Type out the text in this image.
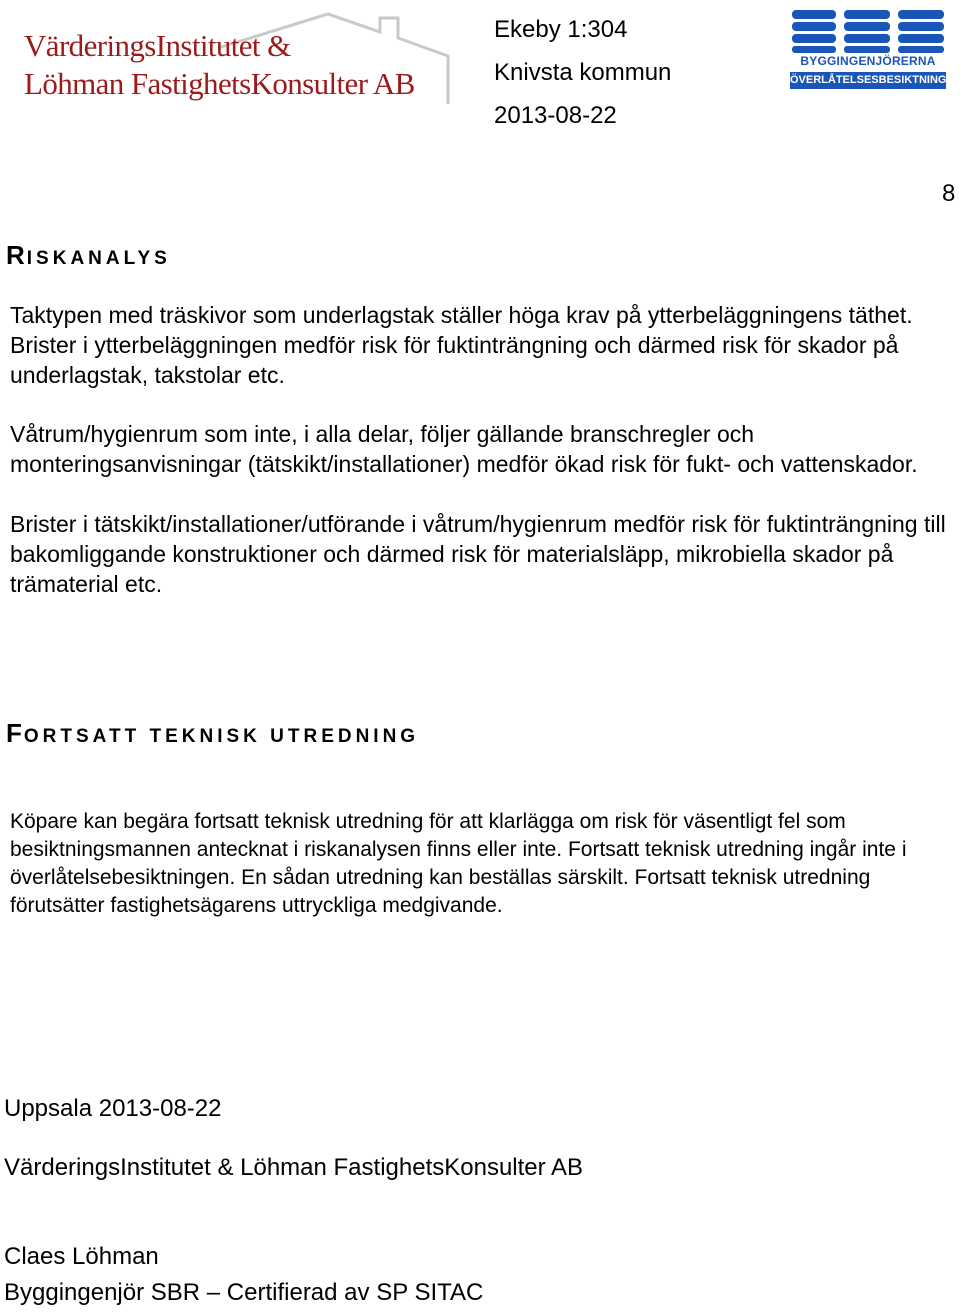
VärderingsInstitutet &
Löhman FastighetsKonsulter AB
Ekeby 1:304
Knivsta kommun
2013-08-22
BYGGINGENJÖRERNA
ÖVERLÅTELSESBESIKTNING
8
RISKANALYS
Taktypen med träskivor som underlagstak ställer höga krav på ytterbeläggningens täthet. Brister i ytterbeläggningen medför risk för fuktinträngning och därmed risk för skador på underlagstak, takstolar etc.
Våtrum/hygienrum som inte, i alla delar, följer gällande branschregler och monteringsanvisningar (tätskikt/installationer) medför ökad risk för fukt- och vattenskador.
Brister i tätskikt/installationer/utförande i våtrum/hygienrum medför risk för fuktinträngning till bakomliggande konstruktioner och därmed risk för materialsläpp, mikrobiella skador på trämaterial etc.
FORTSATT TEKNISK UTREDNING
Köpare kan begära fortsatt teknisk utredning för att klarlägga om risk för väsentligt fel som besiktningsmannen antecknat i riskanalysen finns eller inte. Fortsatt teknisk utredning ingår inte i överlåtelsebesiktningen. En sådan utredning kan beställas särskilt. Fortsatt teknisk utredning förutsätter fastighetsägarens uttryckliga medgivande.
Uppsala 2013-08-22
VärderingsInstitutet & Löhman FastighetsKonsulter AB
Claes Löhman
Byggingenjör SBR – Certifierad av SP SITAC
